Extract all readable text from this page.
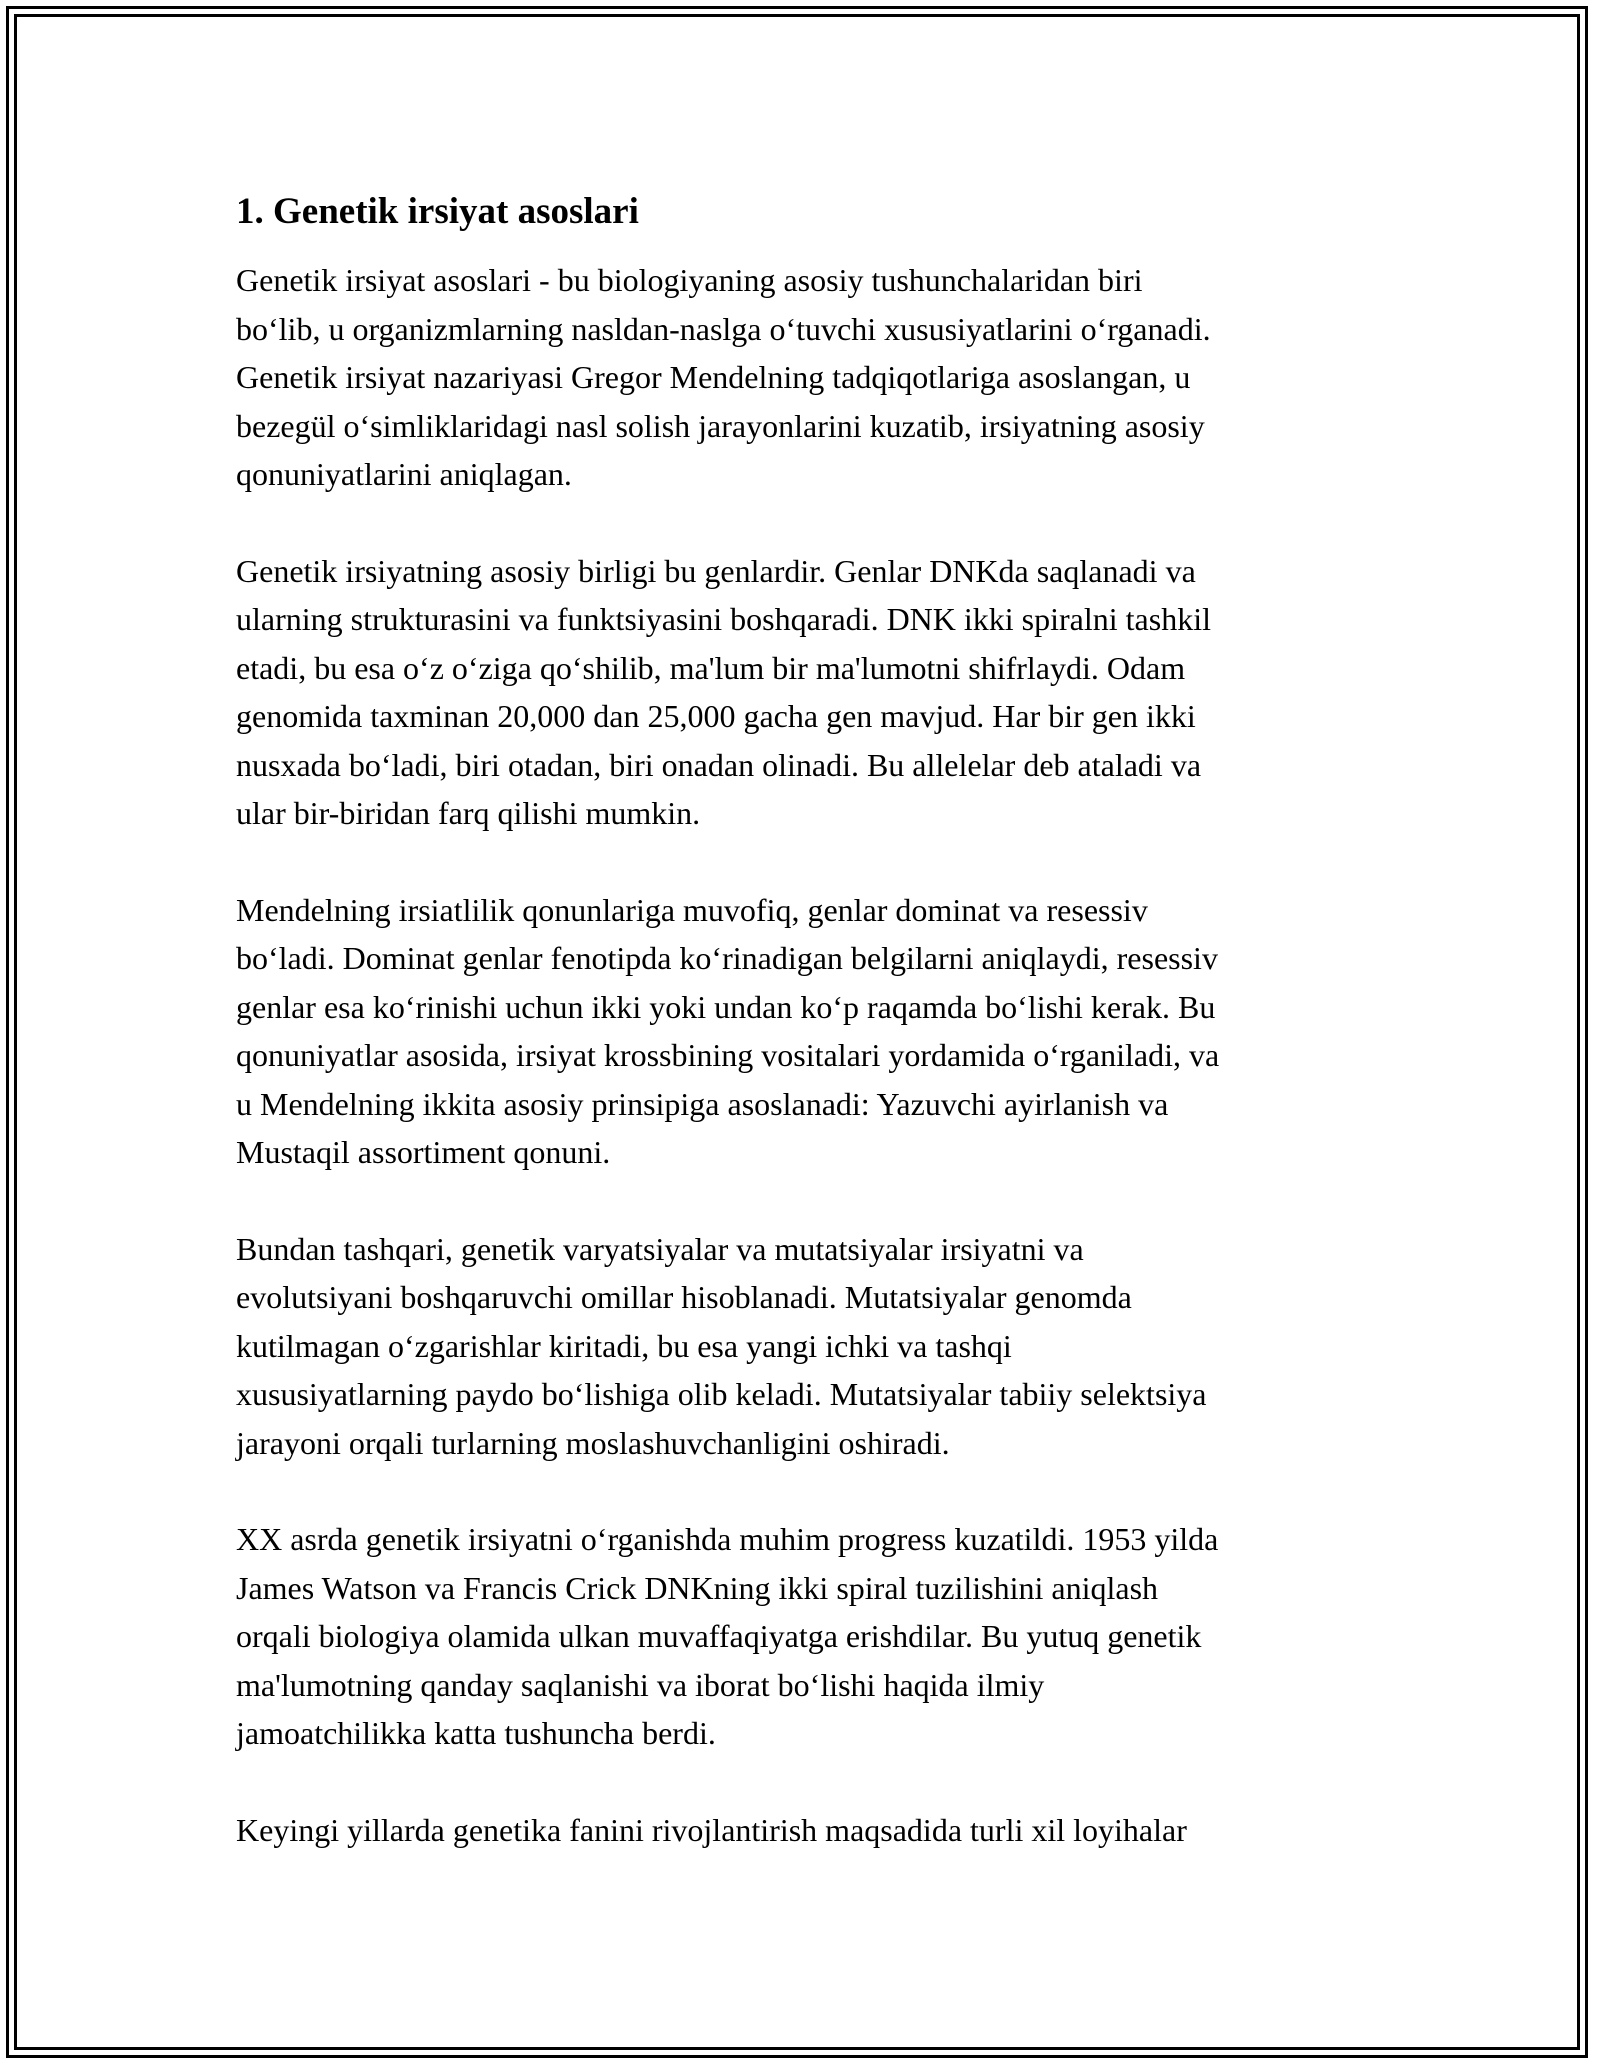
1. Genetik irsiyat asoslari

Genetik irsiyat asoslari - bu biologiyaning asosiy tushunchalaridan biri
boʻlib, u organizmlarning nasldan-naslga oʻtuvchi xususiyatlarini oʻrganadi.
Genetik irsiyat nazariyasi Gregor Mendelning tadqiqotlariga asoslangan, u
bezegül oʻsimliklaridagi nasl solish jarayonlarini kuzatib, irsiyatning asosiy
qonuniyatlarini aniqlagan.

Genetik irsiyatning asosiy birligi bu genlardir. Genlar DNKda saqlanadi va
ularning strukturasini va funktsiyasini boshqaradi. DNK ikki spiralni tashkil
etadi, bu esa oʻz oʻziga qoʻshilib, ma'lum bir ma'lumotni shifrlaydi. Odam
genomida taxminan 20,000 dan 25,000 gacha gen mavjud. Har bir gen ikki
nusxada boʻladi, biri otadan, biri onadan olinadi. Bu allelelar deb ataladi va
ular bir-biridan farq qilishi mumkin.

Mendelning irsiatlilik qonunlariga muvofiq, genlar dominat va resessiv
boʻladi. Dominat genlar fenotipda koʻrinadigan belgilarni aniqlaydi, resessiv
genlar esa koʻrinishi uchun ikki yoki undan koʻp raqamda boʻlishi kerak. Bu
qonuniyatlar asosida, irsiyat krossbining vositalari yordamida oʻrganiladi, va
u Mendelning ikkita asosiy prinsipiga asoslanadi: Yazuvchi ayirlanish va
Mustaqil assortiment qonuni.

Bundan tashqari, genetik varyatsiyalar va mutatsiyalar irsiyatni va
evolutsiyani boshqaruvchi omillar hisoblanadi. Mutatsiyalar genomda
kutilmagan oʻzgarishlar kiritadi, bu esa yangi ichki va tashqi
xususiyatlarning paydo boʻlishiga olib keladi. Mutatsiyalar tabiiy selektsiya
jarayoni orqali turlarning moslashuvchanligini oshiradi.

XX asrda genetik irsiyatni oʻrganishda muhim progress kuzatildi. 1953 yilda
James Watson va Francis Crick DNKning ikki spiral tuzilishini aniqlash
orqali biologiya olamida ulkan muvaffaqiyatga erishdilar. Bu yutuq genetik
ma'lumotning qanday saqlanishi va iborat boʻlishi haqida ilmiy
jamoatchilikka katta tushuncha berdi.

Keyingi yillarda genetika fanini rivojlantirish maqsadida turli xil loyihalar
